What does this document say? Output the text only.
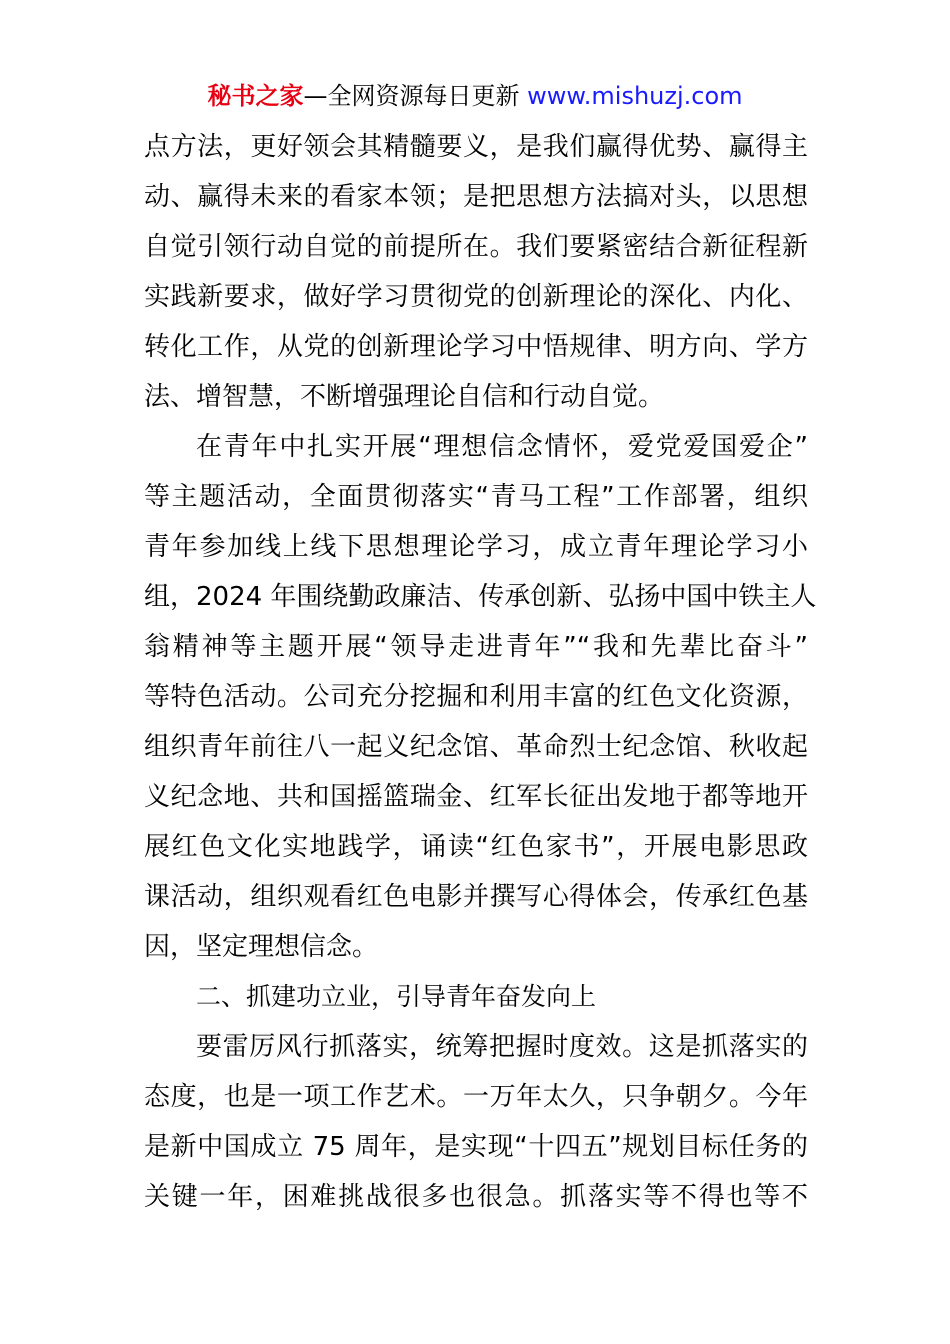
秘书之家—全网资源每日更新 www.mishuzj.com
点方法，更好领会其精髓要义，是我们赢得优势、赢得主
动、赢得未来的看家本领；是把思想方法搞对头，以思想
自觉引领行动自觉的前提所在。我们要紧密结合新征程新
实践新要求，做好学习贯彻党的创新理论的深化、内化、
转化工作，从党的创新理论学习中悟规律、明方向、学方
法、增智慧，不断增强理论自信和行动自觉。
在青年中扎实开展“理想信念情怀，爱党爱国爱企”
等主题活动，全面贯彻落实“青马工程”工作部署，组织
青年参加线上线下思想理论学习，成立青年理论学习小
组，2024 年围绕勤政廉洁、传承创新、弘扬中国中铁主人
翁精神等主题开展“领导走进青年”“我和先辈比奋斗”
等特色活动。公司充分挖掘和利用丰富的红色文化资源，
组织青年前往八一起义纪念馆、革命烈士纪念馆、秋收起
义纪念地、共和国摇篮瑞金、红军长征出发地于都等地开
展红色文化实地践学，诵读“红色家书”，开展电影思政
课活动，组织观看红色电影并撰写心得体会，传承红色基
因，坚定理想信念。
二、抓建功立业，引导青年奋发向上
要雷厉风行抓落实，统筹把握时度效。这是抓落实的
态度，也是一项工作艺术。一万年太久，只争朝夕。今年
是新中国成立 75 周年，是实现“十四五”规划目标任务的
关键一年，困难挑战很多也很急。抓落实等不得也等不
